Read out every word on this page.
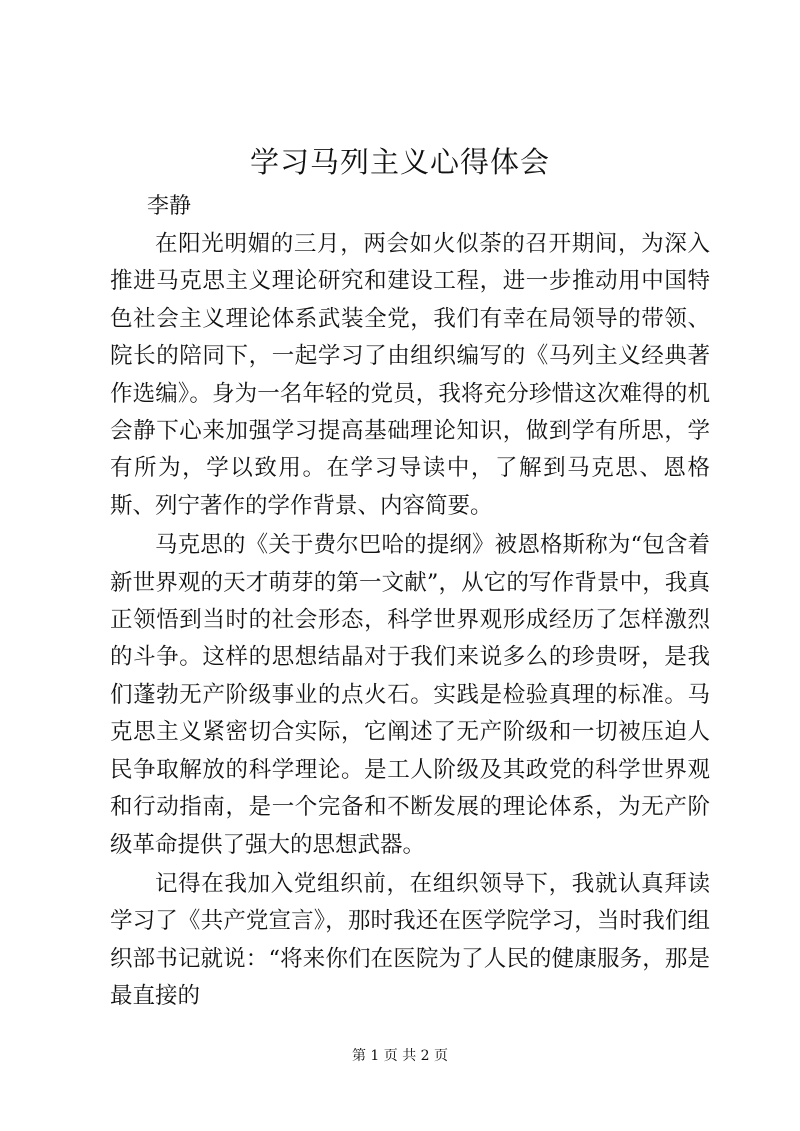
学习马列主义心得体会

李静

在阳光明媚的三月，两会如火似荼的召开期间，为深入推进马克思主义理论研究和建设工程，进一步推动用中国特色社会主义理论体系武装全党，我们有幸在局领导的带领、院长的陪同下，一起学习了由组织编写的《马列主义经典著作选编》。身为一名年轻的党员，我将充分珍惜这次难得的机会静下心来加强学习提高基础理论知识，做到学有所思，学有所为，学以致用。在学习导读中，了解到马克思、恩格斯、列宁著作的学作背景、内容简要。

马克思的《关于费尔巴哈的提纲》被恩格斯称为“包含着新世界观的天才萌芽的第一文献”，从它的写作背景中，我真正领悟到当时的社会形态，科学世界观形成经历了怎样激烈的斗争。这样的思想结晶对于我们来说多么的珍贵呀，是我们蓬勃无产阶级事业的点火石。实践是检验真理的标准。马克思主义紧密切合实际，它阐述了无产阶级和一切被压迫人民争取解放的科学理论。是工人阶级及其政党的科学世界观和行动指南，是一个完备和不断发展的理论体系，为无产阶级革命提供了强大的思想武器。

记得在我加入党组织前，在组织领导下，我就认真拜读学习了《共产党宣言》，那时我还在医学院学习，当时我们组织部书记就说：“将来你们在医院为了人民的健康服务，那是最直接的

第 1 页 共 2 页
